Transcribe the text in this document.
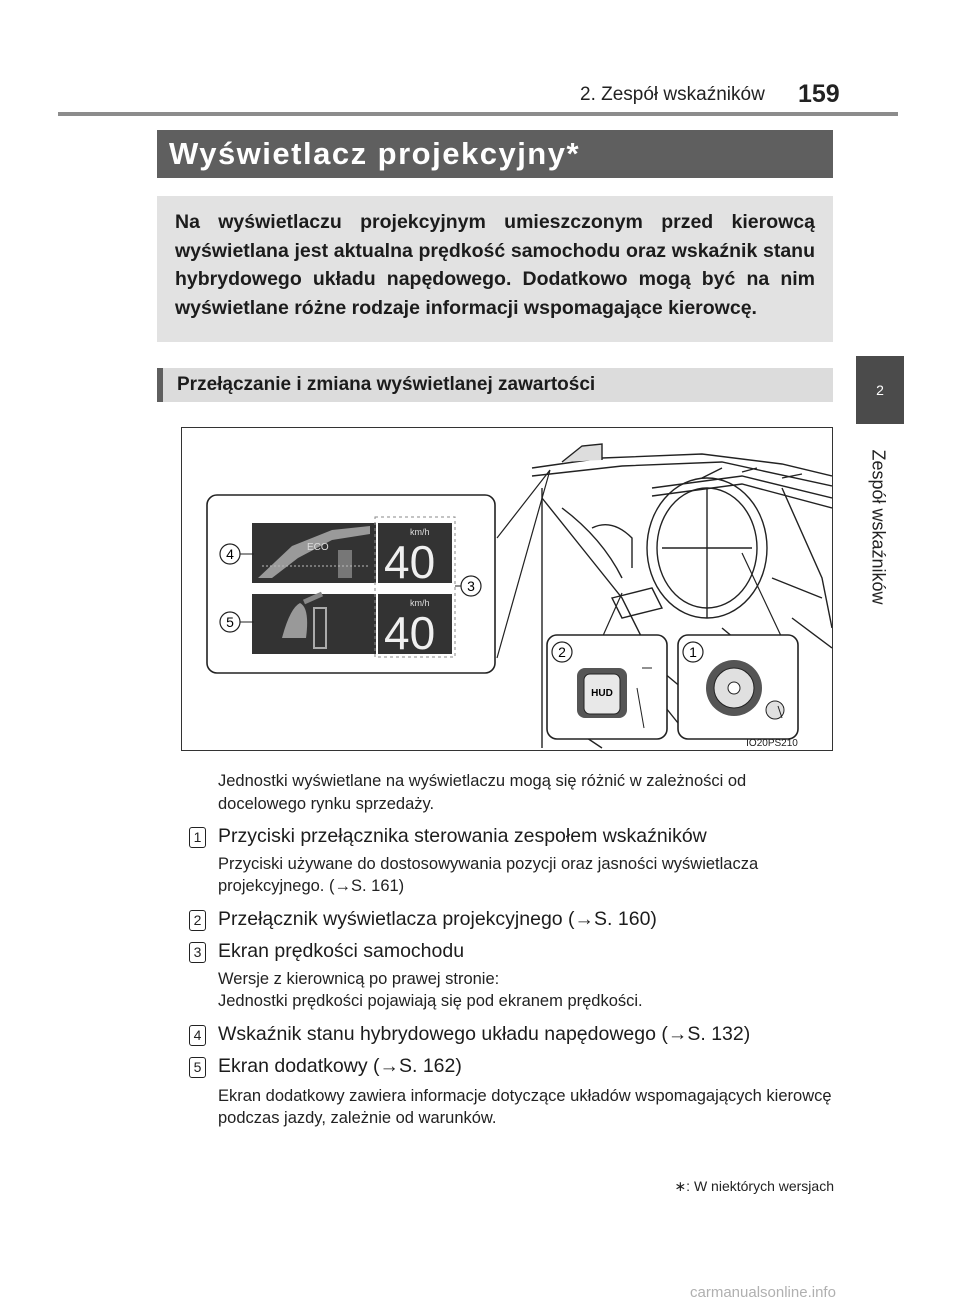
2. Zespół wskaźników 159
2
Zespół wskaźników
Wyświetlacz projekcyjny*
Na wyświetlaczu projekcyjnym umieszczonym przed kierowcą wyświetlana jest aktualna prędkość samochodu oraz wskaźnik stanu hybrydowego układu napędowego. Dodatkowo mogą być na nim wyświetlane różne rodzaje informacji wspomagające kierowcę.
Przełączanie i zmiana wyświetlanej zawartości
ECO
km/h
40
km/h
40
4
5
3
2
HUD
1
IO20PS210
Jednostki wyświetlane na wyświetlaczu mogą się różnić w zależności od docelowego rynku sprzedaży.
1 Przyciski przełącznika sterowania zespołem wskaźników
Przyciski używane do dostosowywania pozycji oraz jasności wyświetlacza projekcyjnego. (→S. 161)
2 Przełącznik wyświetlacza projekcyjnego (→S. 160)
3 Ekran prędkości samochodu
Wersje z kierownicą po prawej stronie:
Jednostki prędkości pojawiają się pod ekranem prędkości.
4 Wskaźnik stanu hybrydowego układu napędowego (→S. 132)
5 Ekran dodatkowy (→S. 162)
Ekran dodatkowy zawiera informacje dotyczące układów wspomagających kierowcę podczas jazdy, zależnie od warunków.
∗: W niektórych wersjach
carmanualsonline.info
